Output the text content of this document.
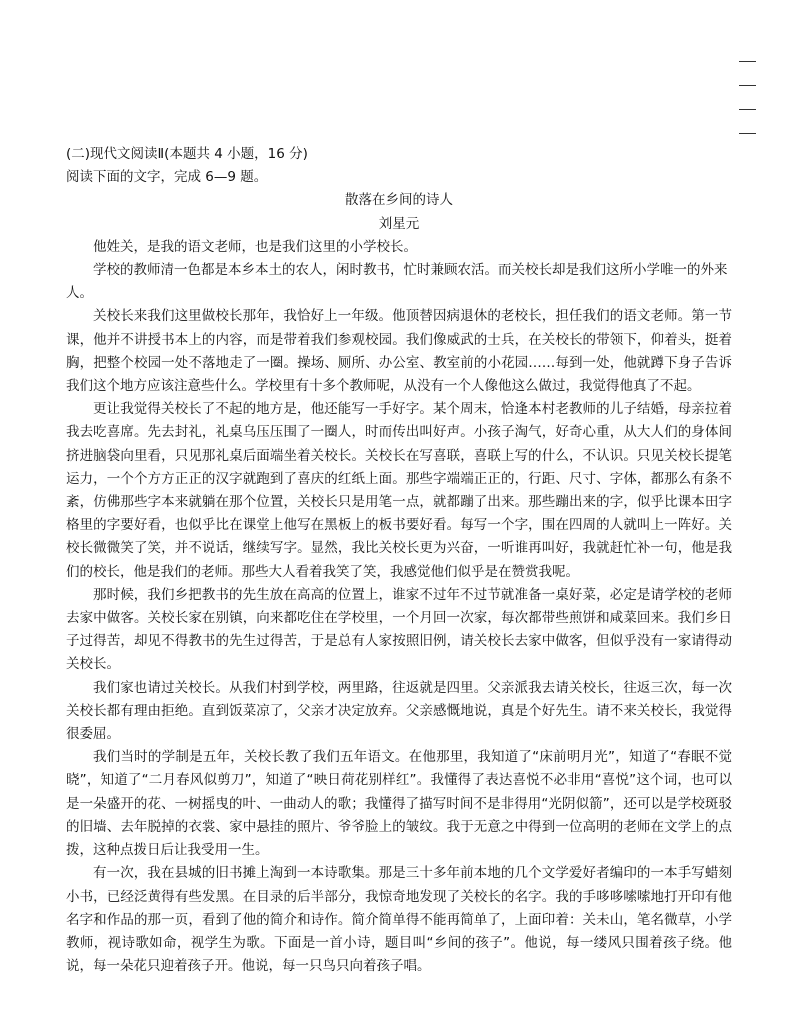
(二)现代文阅读Ⅱ(本题共 4 小题，16 分)

阅读下面的文字，完成 6—9 题。

散落在乡间的诗人

刘星元

他姓关，是我的语文老师，也是我们这里的小学校长。

学校的教师清一色都是本乡本土的农人，闲时教书，忙时兼顾农活。而关校长却是我们这所小学唯一的外来人。

关校长来我们这里做校长那年，我恰好上一年级。他顶替因病退休的老校长，担任我们的语文老师。第一节课，他并不讲授书本上的内容，而是带着我们参观校园。我们像威武的士兵，在关校长的带领下，仰着头，挺着胸，把整个校园一处不落地走了一圈。操场、厕所、办公室、教室前的小花园……每到一处，他就蹲下身子告诉我们这个地方应该注意些什么。学校里有十多个教师呢，从没有一个人像他这么做过，我觉得他真了不起。

更让我觉得关校长了不起的地方是，他还能写一手好字。某个周末，恰逢本村老教师的儿子结婚，母亲拉着我去吃喜席。先去封礼，礼桌乌压压围了一圈人，时而传出叫好声。小孩子淘气，好奇心重，从大人们的身体间挤进脑袋向里看，只见那礼桌后面端坐着关校长。关校长在写喜联，喜联上写的什么，不认识。只见关校长提笔运力，一个个方方正正的汉字就跑到了喜庆的红纸上面。那些字端端正正的，行距、尺寸、字体，都那么有条不紊，仿佛那些字本来就躺在那个位置，关校长只是用笔一点，就都蹦了出来。那些蹦出来的字，似乎比课本田字格里的字要好看，也似乎比在课堂上他写在黑板上的板书要好看。每写一个字，围在四周的人就叫上一阵好。关校长微微笑了笑，并不说话，继续写字。显然，我比关校长更为兴奋，一听谁再叫好，我就赶忙补一句，他是我们的校长，他是我们的老师。那些大人看着我笑了笑，我感觉他们似乎是在赞赏我呢。

那时候，我们乡把教书的先生放在高高的位置上，谁家不过年不过节就准备一桌好菜，必定是请学校的老师去家中做客。关校长家在别镇，向来都吃住在学校里，一个月回一次家，每次都带些煎饼和咸菜回来。我们乡日子过得苦，却见不得教书的先生过得苦，于是总有人家按照旧例，请关校长去家中做客，但似乎没有一家请得动关校长。

我们家也请过关校长。从我们村到学校，两里路，往返就是四里。父亲派我去请关校长，往返三次，每一次关校长都有理由拒绝。直到饭菜凉了，父亲才决定放弃。父亲感慨地说，真是个好先生。请不来关校长，我觉得很委屈。

我们当时的学制是五年，关校长教了我们五年语文。在他那里，我知道了“床前明月光”，知道了“春眠不觉晓”，知道了“二月春风似剪刀”，知道了“映日荷花别样红”。我懂得了表达喜悦不必非用“喜悦”这个词，也可以是一朵盛开的花、一树摇曳的叶、一曲动人的歌；我懂得了描写时间不是非得用“光阴似箭”，还可以是学校斑驳的旧墙、去年脱掉的衣裳、家中悬挂的照片、爷爷脸上的皱纹。我于无意之中得到一位高明的老师在文学上的点拨，这种点拨日后让我受用一生。

有一次，我在县城的旧书摊上淘到一本诗歌集。那是三十多年前本地的几个文学爱好者编印的一本手写蜡刻小书，已经泛黄得有些发黑。在目录的后半部分，我惊奇地发现了关校长的名字。我的手哆哆嗦嗦地打开印有他名字和作品的那一页，看到了他的简介和诗作。简介简单得不能再简单了，上面印着：关未山，笔名微草，小学教师，视诗歌如命，视学生为歌。下面是一首小诗，题目叫“乡间的孩子”。他说，每一缕风只围着孩子绕。他说，每一朵花只迎着孩子开。他说，每一只鸟只向着孩子唱。
